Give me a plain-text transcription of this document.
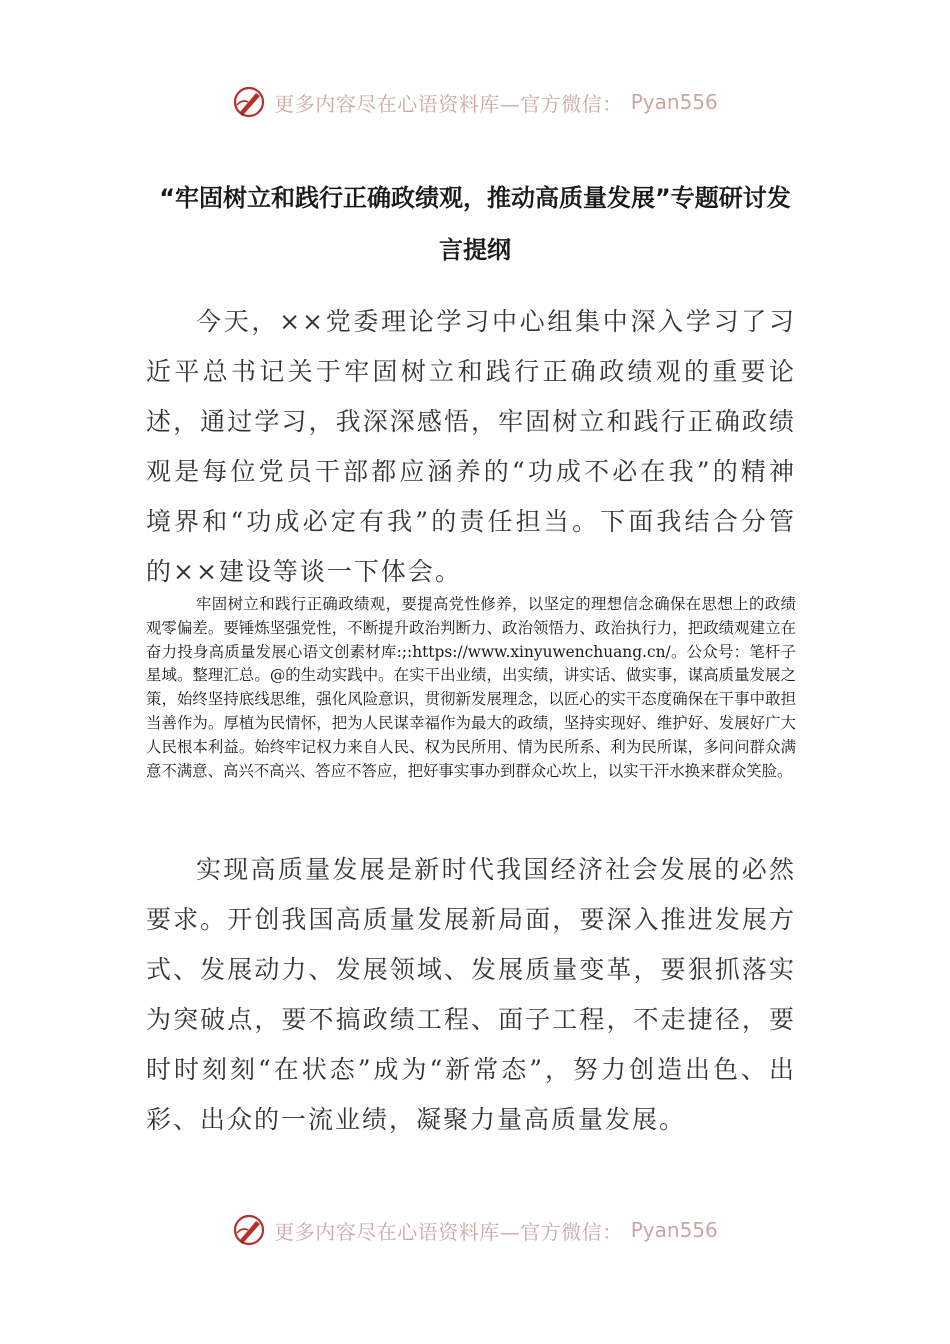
更多内容尽在心语资料库—官方微信： Pyan556
“牢固树立和践行正确政绩观，推动高质量发展”专题研讨发言提纲

今天，××党委理论学习中心组集中深入学习了习近平总书记关于牢固树立和践行正确政绩观的重要论述，通过学习，我深深感悟，牢固树立和践行正确政绩观是每位党员干部都应涵养的“功成不必在我”的精神境界和“功成必定有我”的责任担当。下面我结合分管的××建设等谈一下体会。

牢固树立和践行正确政绩观，要提高党性修养，以坚定的理想信念确保在思想上的政绩观零偏差。要锤炼坚强党性，不断提升政治判断力、政治领悟力、政治执行力，把政绩观建立在奋力投身高质量发展心语文创素材库:;:https://www.xinyuwenchuang.cn/。公众号：笔杆子星域。整理汇总。@的生动实践中。在实干出业绩，出实绩，讲实话、做实事，谋高质量发展之策，始终坚持底线思维，强化风险意识，贯彻新发展理念，以匠心的实干态度确保在干事中敢担当善作为。厚植为民情怀，把为人民谋幸福作为最大的政绩，坚持实现好、维护好、发展好广大人民根本利益。始终牢记权力来自人民、权为民所用、情为民所系、利为民所谋，多问问群众满意不满意、高兴不高兴、答应不答应，把好事实事办到群众心坎上，以实干汗水换来群众笑脸。

实现高质量发展是新时代我国经济社会发展的必然要求。开创我国高质量发展新局面，要深入推进发展方式、发展动力、发展领域、发展质量变革，要狠抓落实为突破点，要不搞政绩工程、面子工程，不走捷径，要时时刻刻“在状态”成为“新常态”，努力创造出色、出彩、出众的一流业绩，凝聚力量高质量发展。

更多内容尽在心语资料库—官方微信： Pyan556
